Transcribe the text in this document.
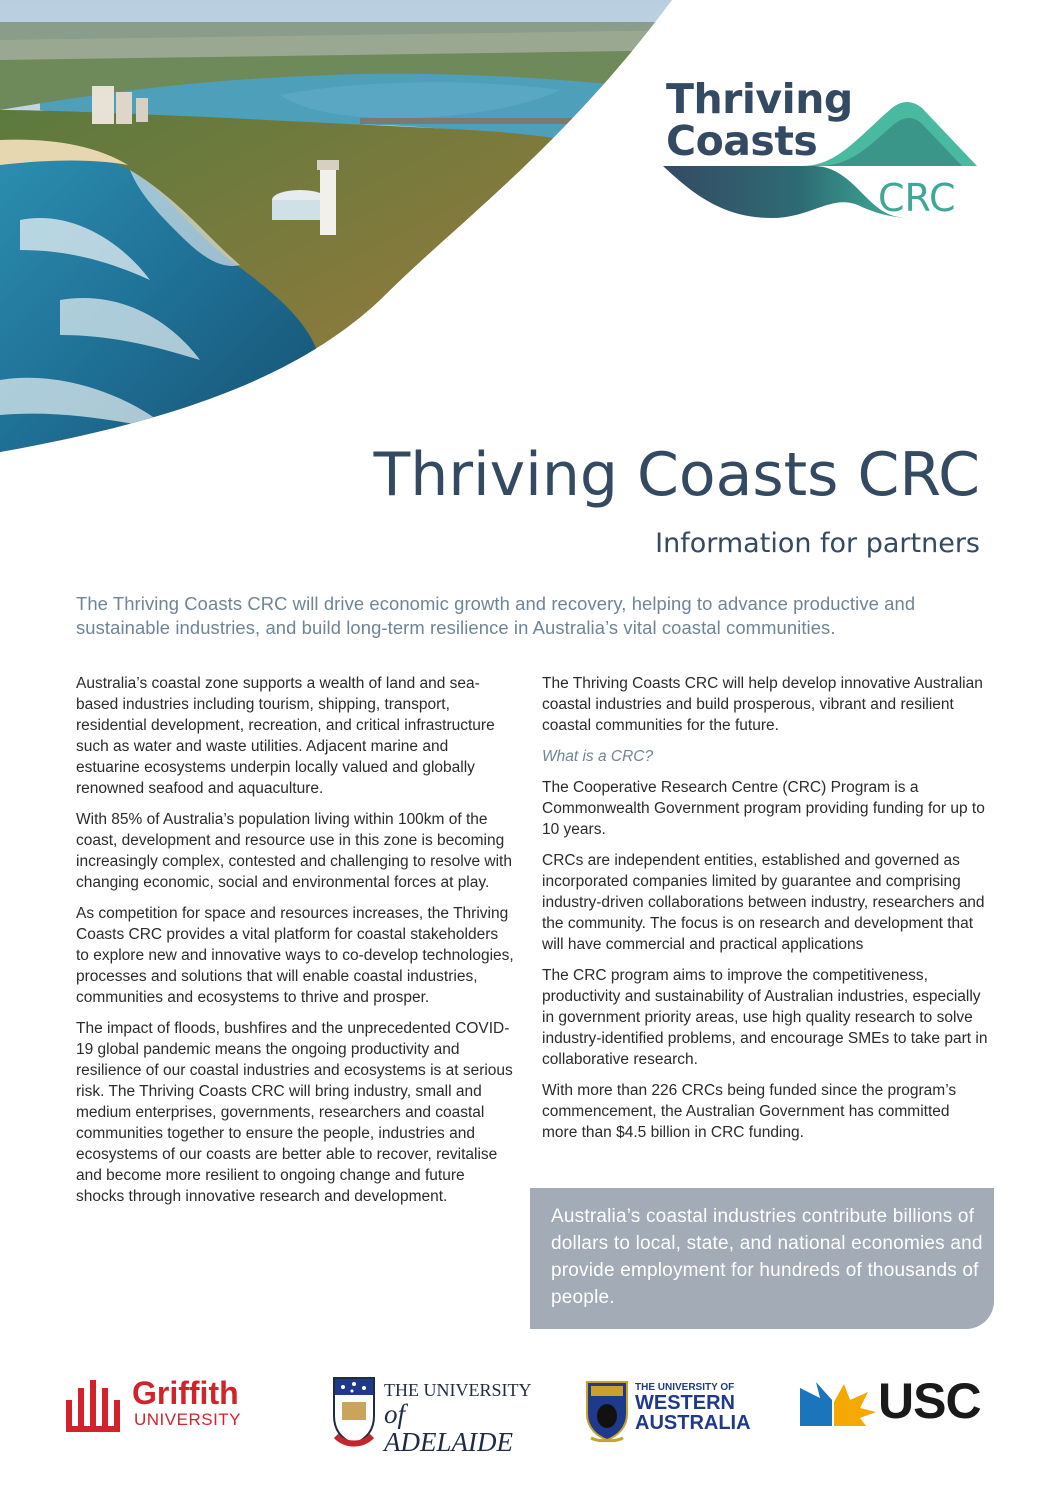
Thriving
Coasts
CRC
Thriving Coasts CRC
Information for partners

The Thriving Coasts CRC will drive economic growth and recovery, helping to advance productive and sustainable industries, and build long-term resilience in Australia’s vital coastal communities.

Australia’s coastal zone supports a wealth of land and sea-based industries including tourism, shipping, transport, residential development, recreation, and critical infrastructure such as water and waste utilities. Adjacent marine and estuarine ecosystems underpin locally valued and globally renowned seafood and aquaculture.

With 85% of Australia’s population living within 100km of the coast, development and resource use in this zone is becoming increasingly complex, contested and challenging to resolve with changing economic, social and environmental forces at play.

As competition for space and resources increases, the Thriving Coasts CRC provides a vital platform for coastal stakeholders to explore new and innovative ways to co-develop technologies, processes and solutions that will enable coastal industries, communities and ecosystems to thrive and prosper.

The impact of floods, bushfires and the unprecedented COVID-19 global pandemic means the ongoing productivity and resilience of our coastal industries and ecosystems is at serious risk. The Thriving Coasts CRC will bring industry, small and medium enterprises, governments, researchers and coastal communities together to ensure the people, industries and ecosystems of our coasts are better able to recover, revitalise and become more resilient to ongoing change and future shocks through innovative research and development.

The Thriving Coasts CRC will help develop innovative Australian coastal industries and build prosperous, vibrant and resilient coastal communities for the future.

What is a CRC?

The Cooperative Research Centre (CRC) Program is a Commonwealth Government program providing funding for up to 10 years.

CRCs are independent entities, established and governed as incorporated companies limited by guarantee and comprising industry-driven collaborations between industry, researchers and the community. The focus is on research and development that will have commercial and practical applications

The CRC program aims to improve the competitiveness, productivity and sustainability of Australian industries, especially in government priority areas, use high quality research to solve industry-identified problems, and encourage SMEs to take part in collaborative research.

With more than 226 CRCs being funded since the program’s commencement, the Australian Government has committed more than $4.5 billion in CRC funding.

Australia’s coastal industries contribute billions of dollars to local, state, and national economies and provide employment for hundreds of thousands of people.
Griffith
UNIVERSITY
THE UNIVERSITY
of ADELAIDE
THE UNIVERSITY OF
WESTERN
AUSTRALIA	USC
